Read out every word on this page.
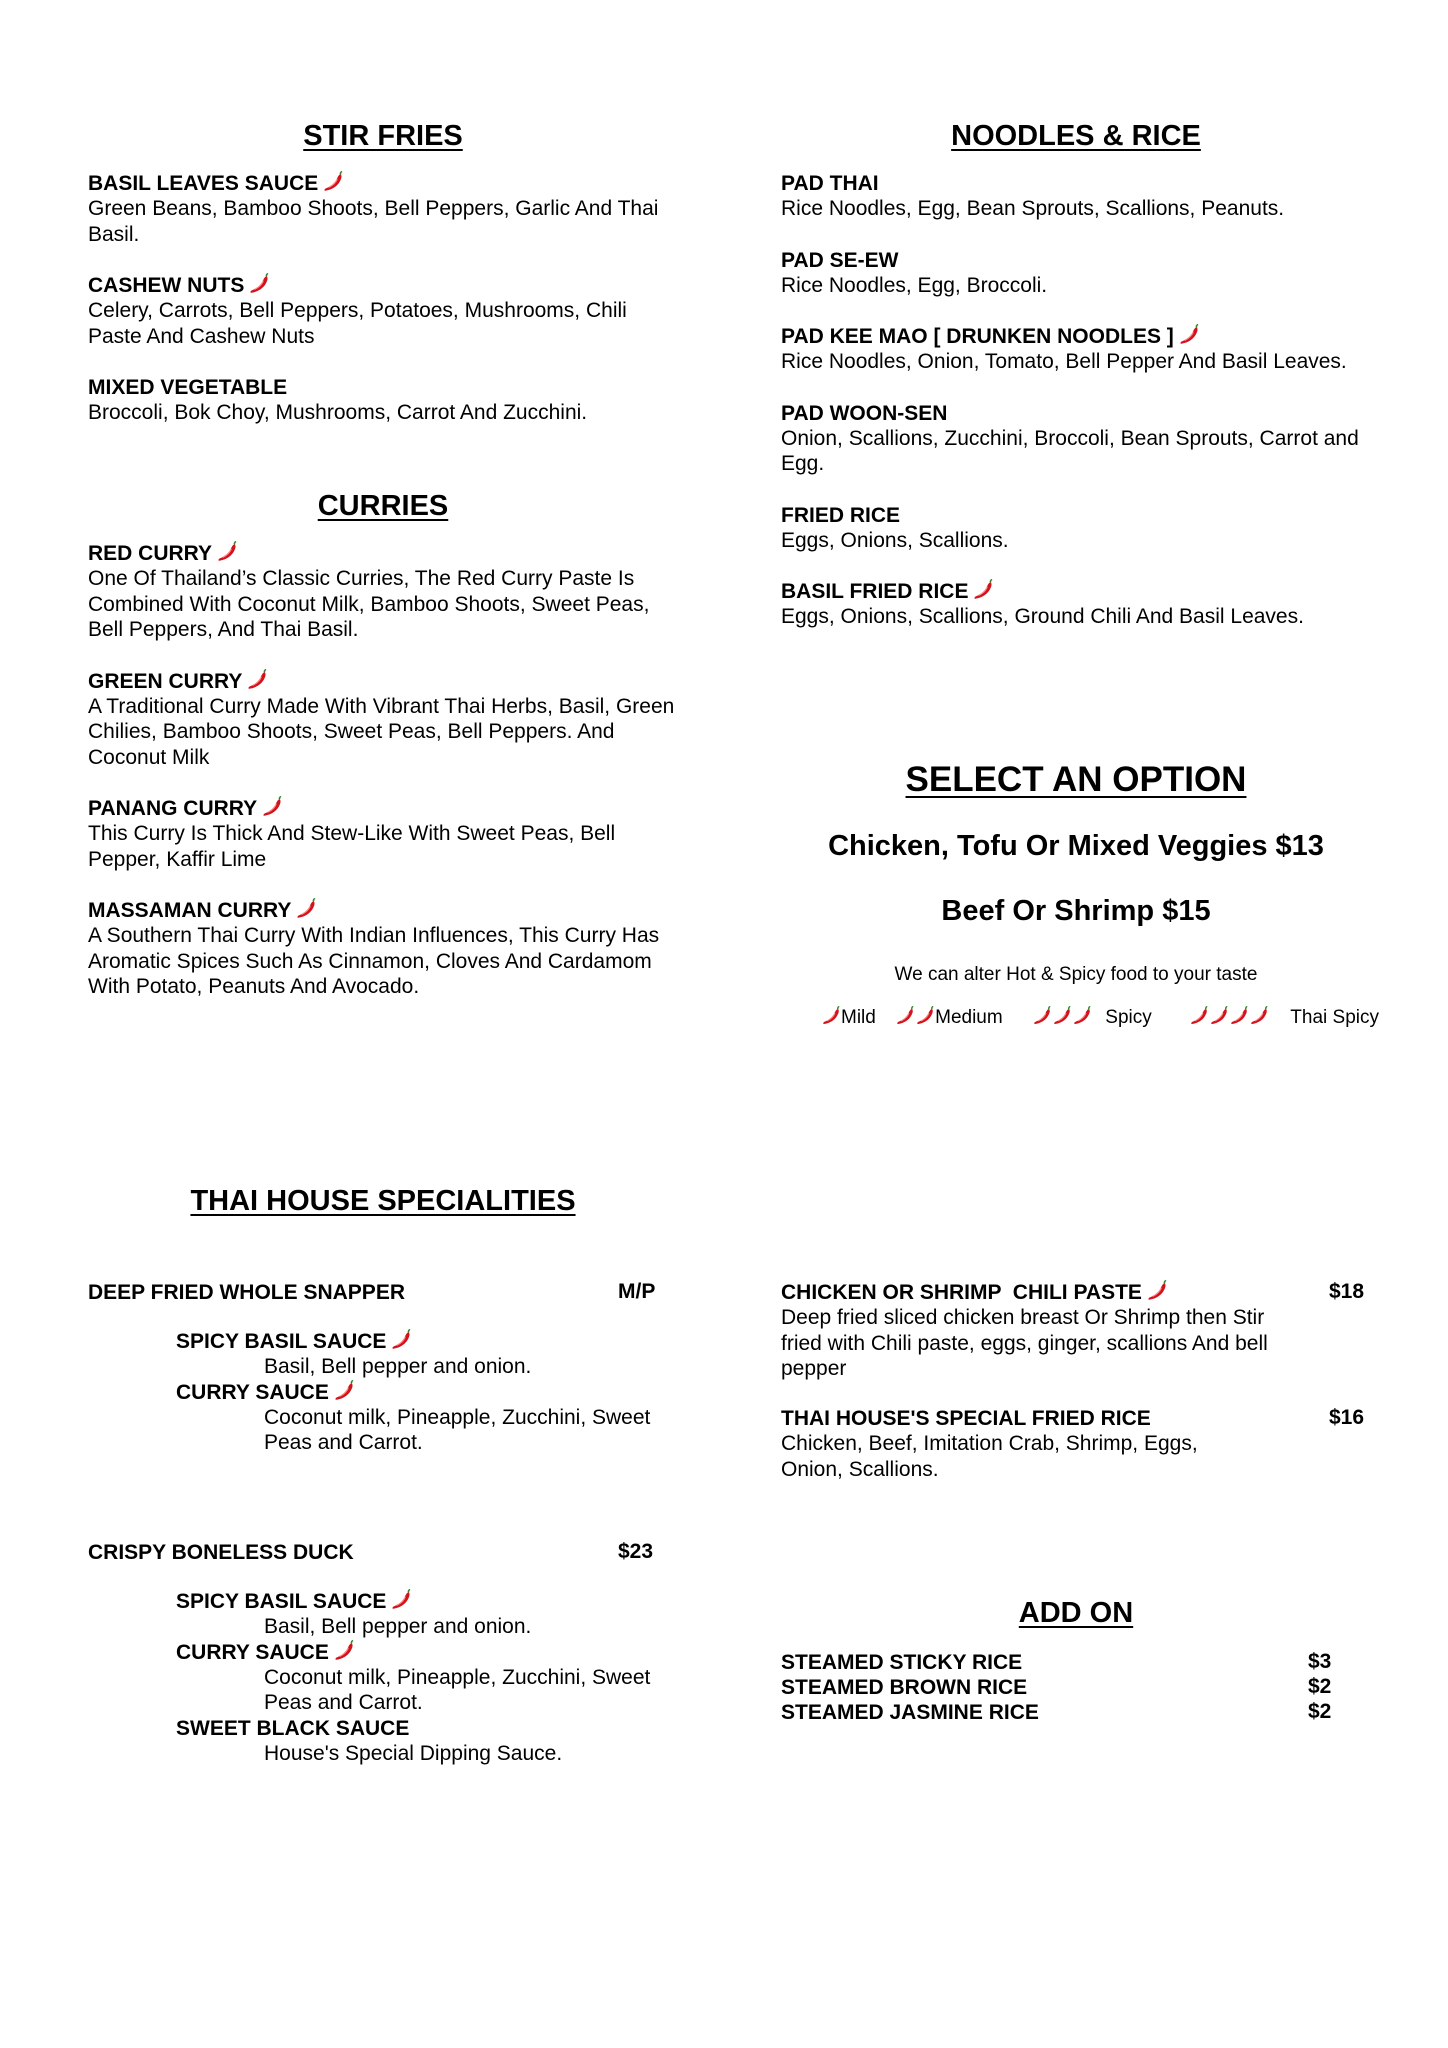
STIR FRIES
BASIL LEAVES SAUCE
Green Beans, Bamboo Shoots, Bell Peppers, Garlic And Thai Basil.
CASHEW NUTS
Celery, Carrots, Bell Peppers, Potatoes, Mushrooms, Chili Paste And Cashew Nuts
MIXED VEGETABLE
Broccoli, Bok Choy, Mushrooms, Carrot And Zucchini.
CURRIES
RED CURRY
One Of Thailand’s Classic Curries, The Red Curry Paste Is Combined With Coconut Milk, Bamboo Shoots, Sweet Peas, Bell Peppers, And Thai Basil.
GREEN CURRY
A Traditional Curry Made With Vibrant Thai Herbs, Basil, Green Chilies, Bamboo Shoots, Sweet Peas, Bell Peppers. And Coconut Milk
PANANG CURRY
This Curry Is Thick And Stew-Like With Sweet Peas, Bell Pepper, Kaffir Lime
MASSAMAN CURRY
A Southern Thai Curry With Indian Influences, This Curry Has Aromatic Spices Such As Cinnamon, Cloves And Cardamom With Potato, Peanuts And Avocado.
NOODLES & RICE
PAD THAI
Rice Noodles, Egg, Bean Sprouts, Scallions, Peanuts.
PAD SE-EW
Rice Noodles, Egg, Broccoli.
PAD KEE MAO [ DRUNKEN NOODLES ]
Rice Noodles, Onion, Tomato, Bell Pepper And Basil Leaves.
PAD WOON-SEN
Onion, Scallions, Zucchini, Broccoli, Bean Sprouts, Carrot and Egg.
FRIED RICE
Eggs, Onions, Scallions.
BASIL FRIED RICE
Eggs, Onions, Scallions, Ground Chili And Basil Leaves.
SELECT AN OPTION
Chicken, Tofu Or Mixed Veggies $13
Beef Or Shrimp $15
We can alter Hot & Spicy food to your taste
Mild	Medium	Spicy	Thai Spicy
THAI HOUSE SPECIALITIES
DEEP FRIED WHOLE SNAPPER	M/P
SPICY BASIL SAUCE
Basil, Bell pepper and onion.
CURRY SAUCE
Coconut milk, Pineapple, Zucchini, Sweet Peas and Carrot.
CRISPY BONELESS DUCK	$23
SPICY BASIL SAUCE
Basil, Bell pepper and onion.
CURRY SAUCE
Coconut milk, Pineapple, Zucchini, Sweet Peas and Carrot.
SWEET BLACK SAUCE
House's Special Dipping Sauce.
CHICKEN OR SHRIMP  CHILI PASTE	$18
Deep fried sliced chicken breast Or Shrimp then Stir fried with Chili paste, eggs, ginger, scallions And bell pepper
THAI HOUSE'S SPECIAL FRIED RICE	$16
Chicken, Beef, Imitation Crab, Shrimp, Eggs, Onion, Scallions.
ADD ON
STEAMED STICKY RICE	$3
STEAMED BROWN RICE	$2
STEAMED JASMINE RICE	$2
